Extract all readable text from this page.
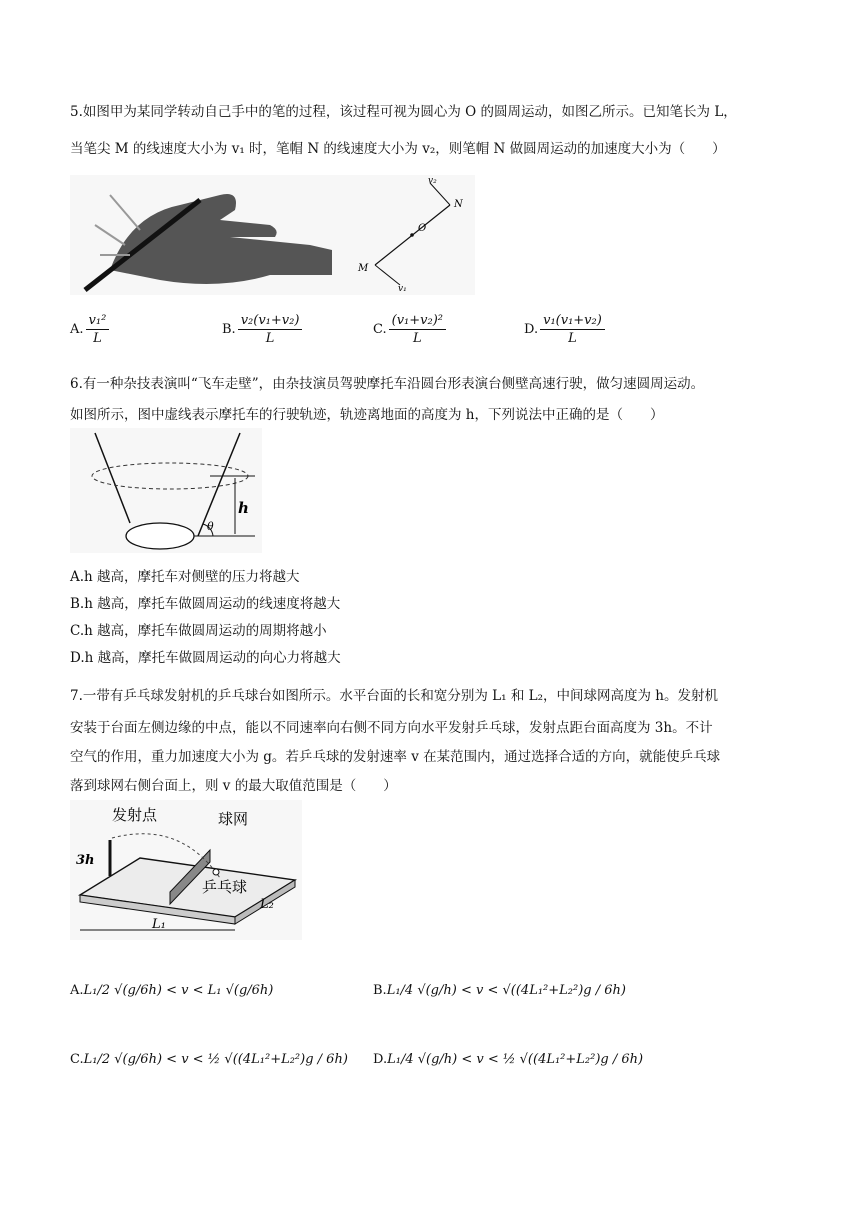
5.如图甲为某同学转动自己手中的笔的过程，该过程可视为圆心为 O 的圆周运动，如图乙所示。已知笔长为 L，
当笔尖 M 的线速度大小为 v₁ 时，笔帽 N 的线速度大小为 v₂，则笔帽 N 做圆周运动的加速度大小为（　　）
v₂
N
O
M
v₁
A. $\frac{\text{v₁²}}{L}$	B. $\frac{\text{v₂(v₁+v₂)}}{L}$	C. $\frac{\text{(v₁+v₂)²}}{L}$	D. $\frac{\text{v₁(v₁+v₂)}}{L}$
6.有一种杂技表演叫“飞车走壁”，由杂技演员驾驶摩托车沿圆台形表演台侧壁高速行驶，做匀速圆周运动。
如图所示，图中虚线表示摩托车的行驶轨迹，轨迹离地面的高度为 h，下列说法中正确的是（　　）
h
θ
A.h 越高，摩托车对侧壁的压力将越大
B.h 越高，摩托车做圆周运动的线速度将越大
C.h 越高，摩托车做圆周运动的周期将越小
D.h 越高，摩托车做圆周运动的向心力将越大
7.一带有乒乓球发射机的乒乓球台如图所示。水平台面的长和宽分别为 L₁ 和 L₂，中间球网高度为 h。发射机
安装于台面左侧边缘的中点，能以不同速率向右侧不同方向水平发射乒乓球，发射点距台面高度为 3h。不计
空气的作用，重力加速度大小为 g。若乒乓球的发射速率 v 在某范围内，通过选择合适的方向，就能使乒乓球
落到球网右侧台面上，则 v 的最大取值范围是（　　）
发射点	球网
乒乓球
3h
L₁
L₂
A.L₁/2 √(g/6h) < v < L₁ √(g/6h)	B.L₁/4 √(g/h) < v < √((4L₁²+L₂²)g / 6h)
C.L₁/2 √(g/6h) < v < ½ √((4L₁²+L₂²)g / 6h) D.L₁/4 √(g/h) < v < ½ √((4L₁²+L₂²)g / 6h)
